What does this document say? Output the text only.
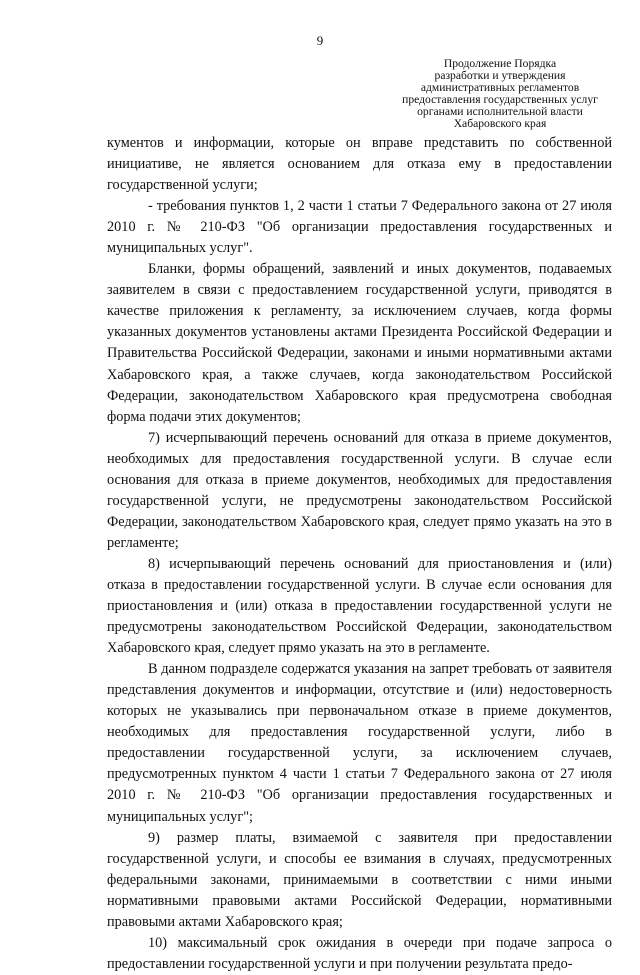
9
Продолжение Порядка
разработки и утверждения
административных регламентов
предоставления государственных услуг
органами исполнительной власти
Хабаровского края

кументов и информации, которые он вправе представить по собственной инициативе, не является основанием для отказа ему в предоставлении государственной услуги;

- требования пунктов 1, 2 части 1 статьи 7 Федерального закона от 27 июля 2010 г. № 210-ФЗ "Об организации предоставления государственных и муниципальных услуг".

Бланки, формы обращений, заявлений и иных документов, подаваемых заявителем в связи с предоставлением государственной услуги, приводятся в качестве приложения к регламенту, за исключением случаев, когда формы указанных документов установлены актами Президента Российской Федерации и Правительства Российской Федерации, законами и иными нормативными актами Хабаровского края, а также случаев, когда законодательством Российской Федерации, законодательством Хабаровского края предусмотрена свободная форма подачи этих документов;

7) исчерпывающий перечень оснований для отказа в приеме документов, необходимых для предоставления государственной услуги. В случае если основания для отказа в приеме документов, необходимых для предоставления государственной услуги, не предусмотрены законодательством Российской Федерации, законодательством Хабаровского края, следует прямо указать на это в регламенте;

8) исчерпывающий перечень оснований для приостановления и (или) отказа в предоставлении государственной услуги. В случае если основания для приостановления и (или) отказа в предоставлении государственной услуги не предусмотрены законодательством Российской Федерации, законодательством Хабаровского края, следует прямо указать на это в регламенте.

В данном подразделе содержатся указания на запрет требовать от заявителя представления документов и информации, отсутствие и (или) недостоверность которых не указывались при первоначальном отказе в приеме документов, необходимых для предоставления государственной услуги, либо в предоставлении государственной услуги, за исключением случаев, предусмотренных пунктом 4 части 1 статьи 7 Федерального закона от 27 июля 2010 г. № 210-ФЗ "Об организации предоставления государственных и муниципальных услуг";

9) размер платы, взимаемой с заявителя при предоставлении государственной услуги, и способы ее взимания в случаях, предусмотренных федеральными законами, принимаемыми в соответствии с ними иными нормативными правовыми актами Российской Федерации, нормативными правовыми актами Хабаровского края;

10) максимальный срок ожидания в очереди при подаче запроса о предоставлении государственной услуги и при получении результата предо-
